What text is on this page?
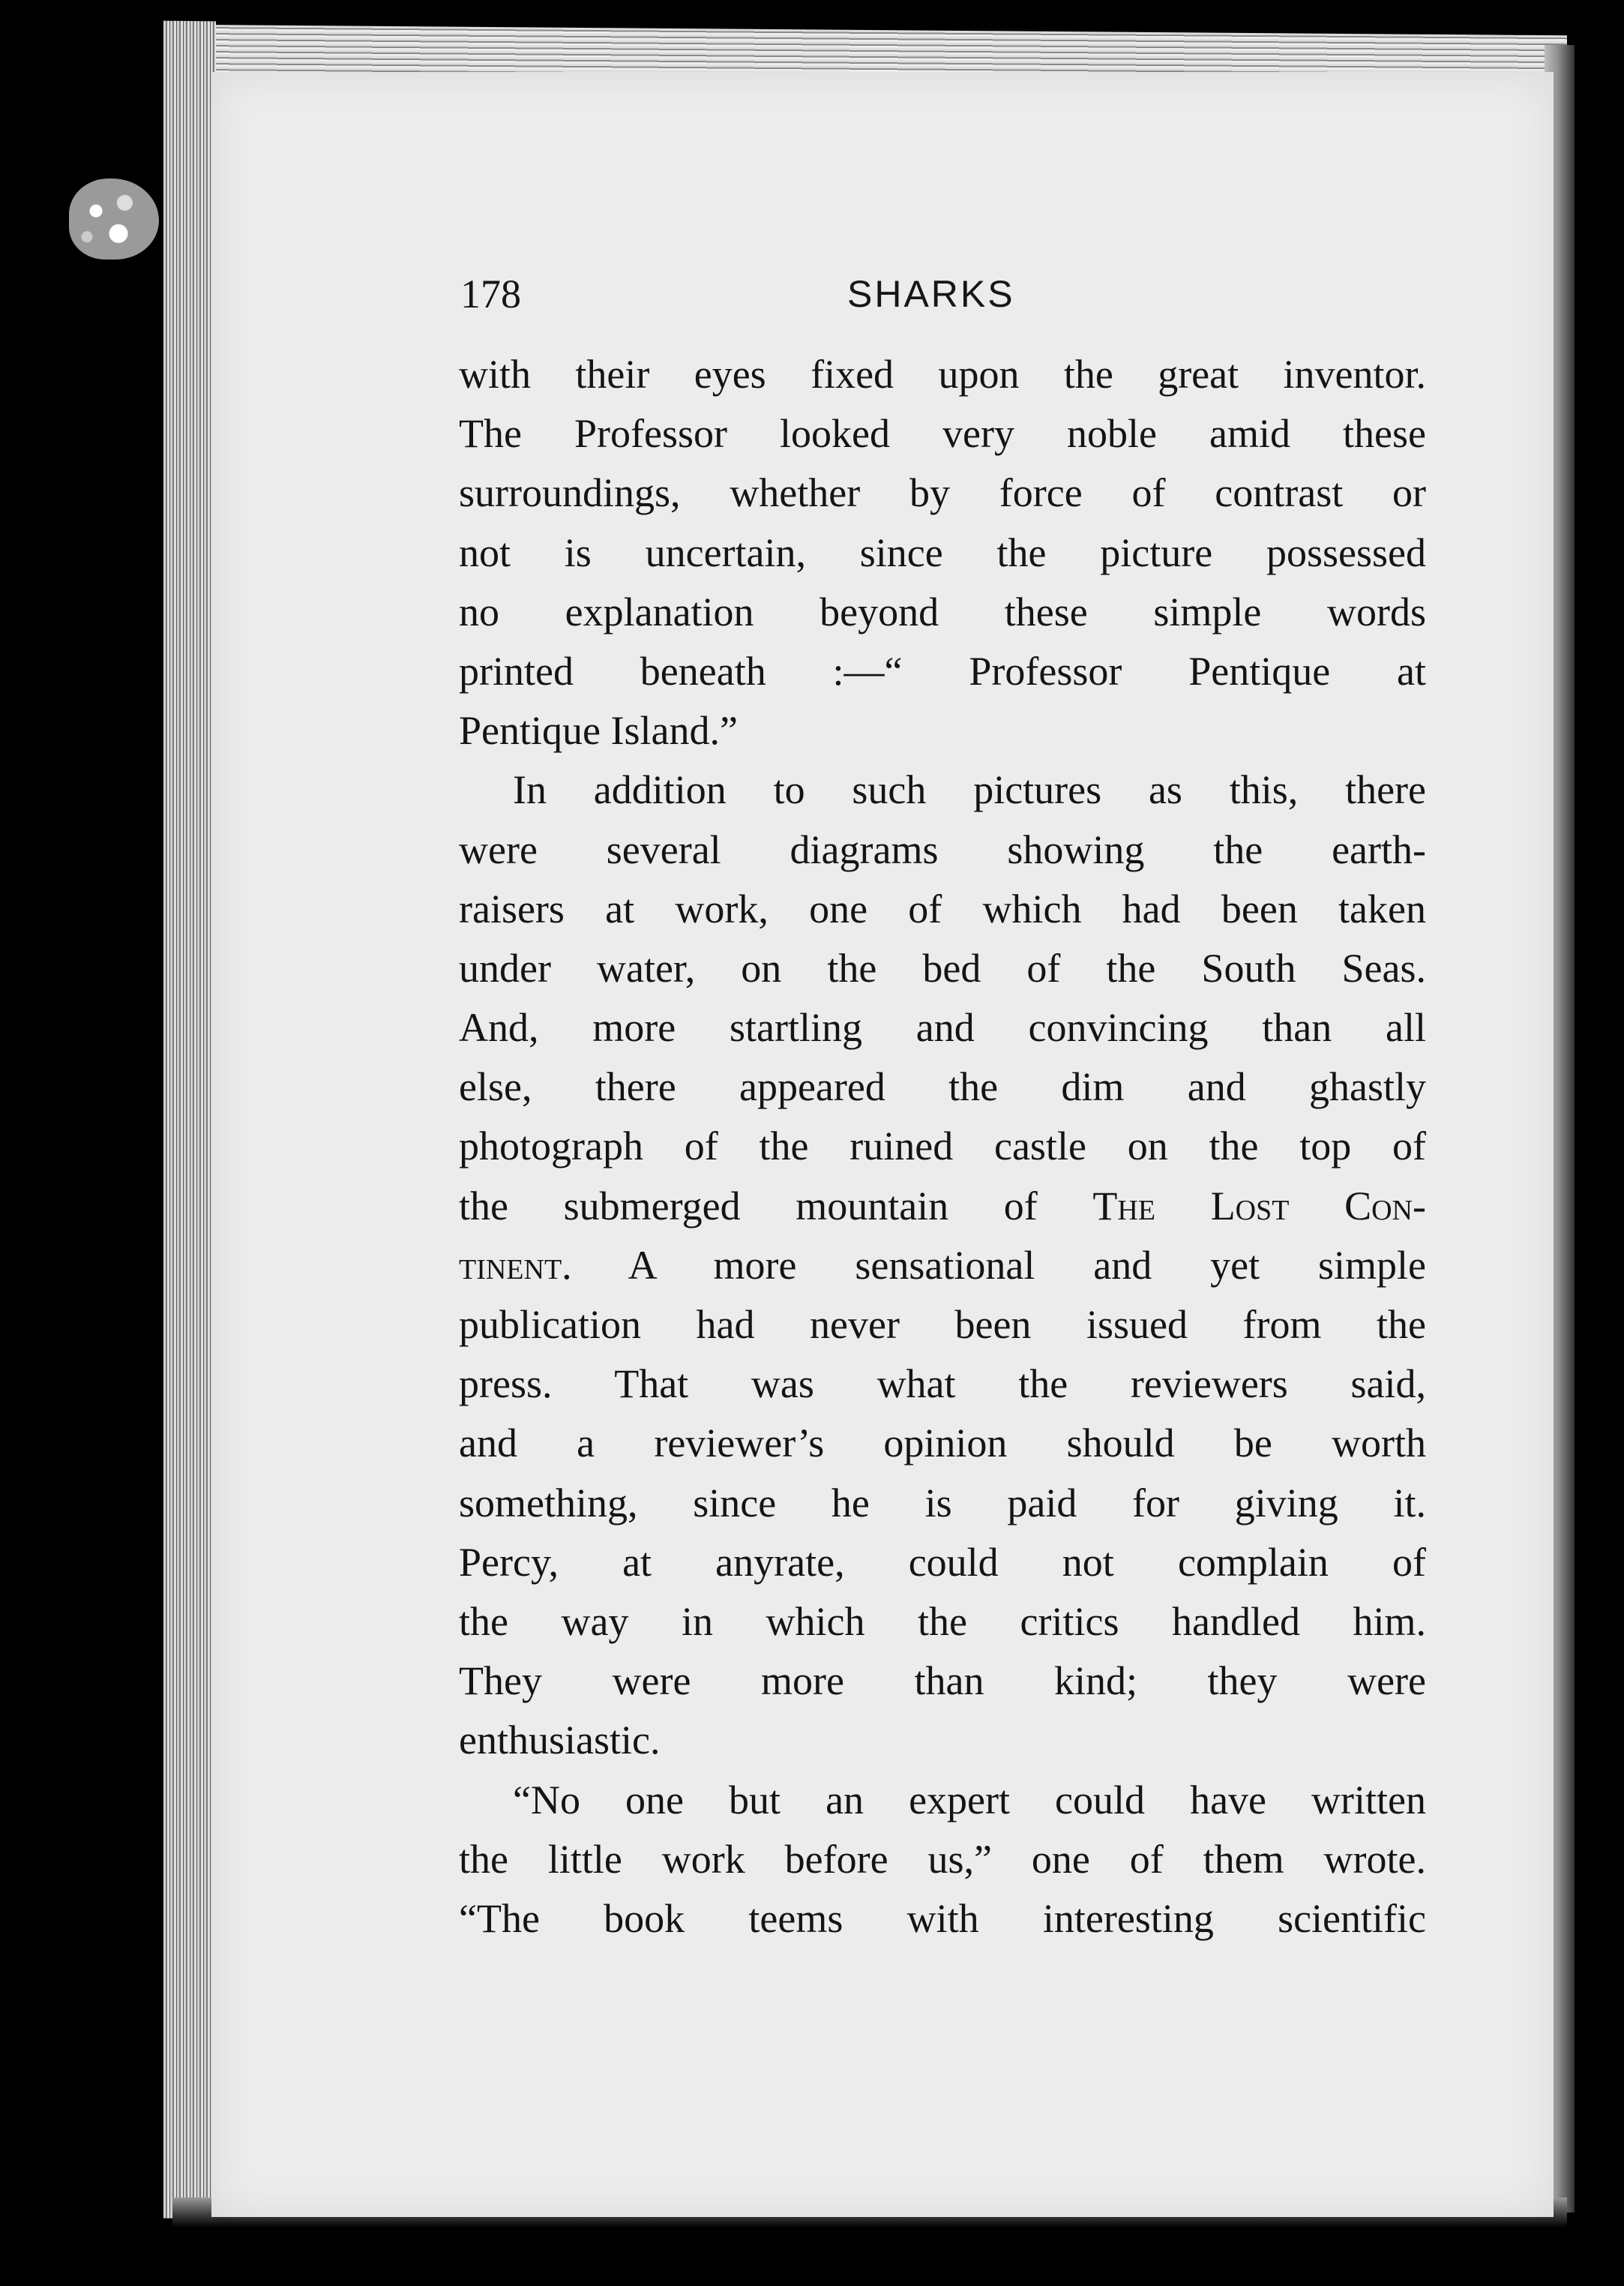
178	SHARKS
with their eyes fixed upon the great inventor.
The Professor looked very noble amid these
surroundings, whether by force of contrast or
not is uncertain, since the picture possessed
no explanation beyond these simple words
printed beneath :—“ Professor Pentique at
Pentique Island.”
In addition to such pictures as this, there
were several diagrams showing the earth-
raisers at work, one of which had been taken
under water, on the bed of the South Seas.
And, more startling and convincing than all
else, there appeared the dim and ghastly
photograph of the ruined castle on the top of
the submerged mountain of The Lost Con-
tinent. A more sensational and yet simple
publication had never been issued from the
press. That was what the reviewers said,
and a reviewer’s opinion should be worth
something, since he is paid for giving it.
Percy, at anyrate, could not complain of
the way in which the critics handled him.
They were more than kind; they were
enthusiastic.
“No one but an expert could have written
the little work before us,” one of them wrote.
“The book teems with interesting scientific
